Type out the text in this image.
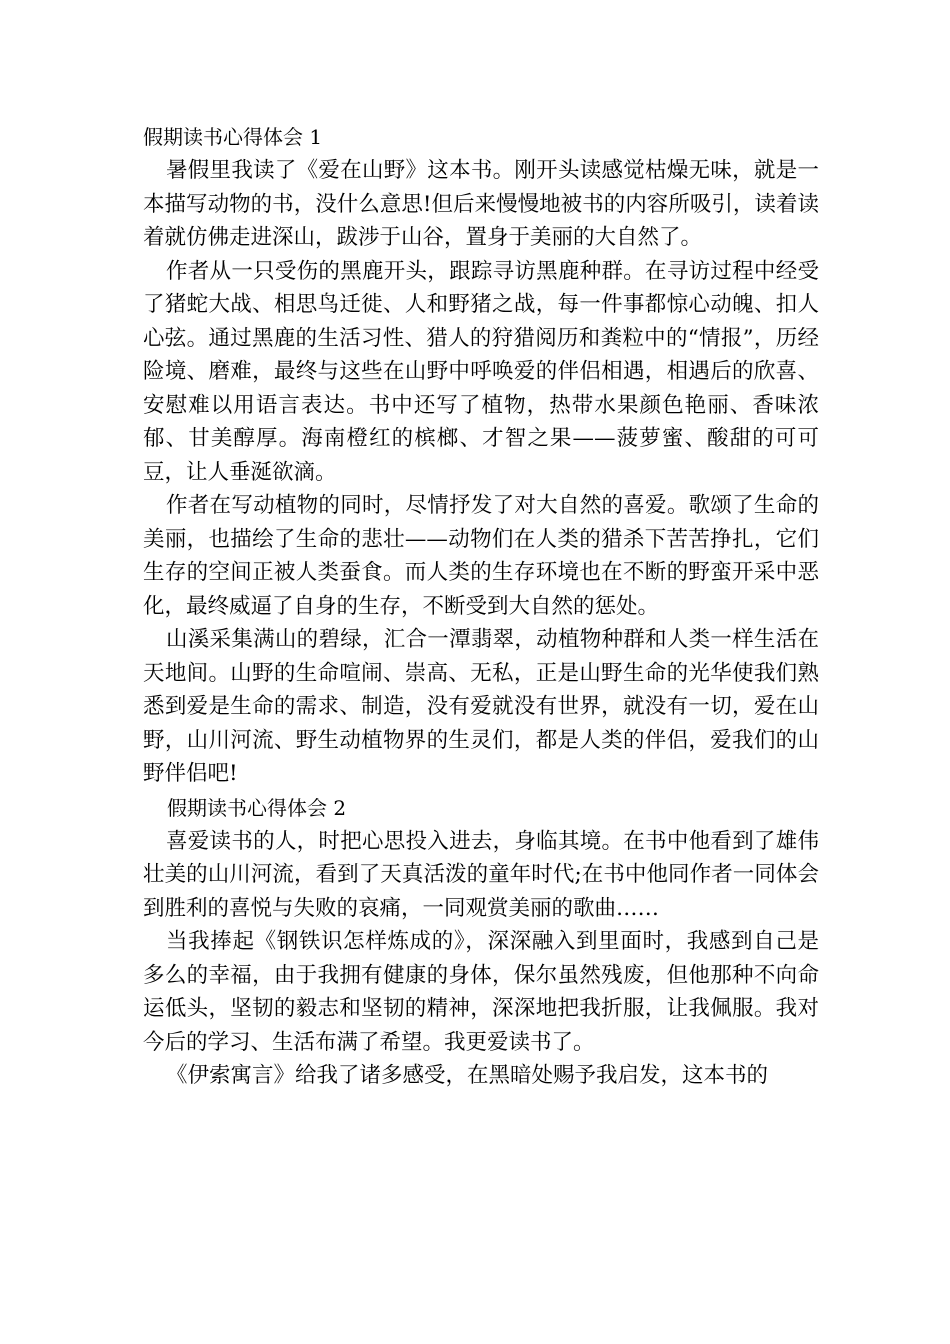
假期读书心得体会 1

暑假里我读了《爱在山野》这本书。刚开头读感觉枯燥无味，就是一本描写动物的书，没什么意思!但后来慢慢地被书的内容所吸引，读着读着就仿佛走进深山，跋涉于山谷，置身于美丽的大自然了。

作者从一只受伤的黑鹿开头，跟踪寻访黑鹿种群。在寻访过程中经受了猪蛇大战、相思鸟迁徙、人和野猪之战，每一件事都惊心动魄、扣人心弦。通过黑鹿的生活习性、猎人的狩猎阅历和粪粒中的“情报”，历经险境、磨难，最终与这些在山野中呼唤爱的伴侣相遇，相遇后的欣喜、安慰难以用语言表达。书中还写了植物，热带水果颜色艳丽、香味浓郁、甘美醇厚。海南橙红的槟榔、才智之果——菠萝蜜、酸甜的可可豆，让人垂涎欲滴。

作者在写动植物的同时，尽情抒发了对大自然的喜爱。歌颂了生命的美丽，也描绘了生命的悲壮——动物们在人类的猎杀下苦苦挣扎，它们生存的空间正被人类蚕食。而人类的生存环境也在不断的野蛮开采中恶化，最终威逼了自身的生存，不断受到大自然的惩处。

山溪采集满山的碧绿，汇合一潭翡翠，动植物种群和人类一样生活在天地间。山野的生命喧闹、崇高、无私，正是山野生命的光华使我们熟悉到爱是生命的需求、制造，没有爱就没有世界，就没有一切，爱在山野，山川河流、野生动植物界的生灵们，都是人类的伴侣，爱我们的山野伴侣吧!

假期读书心得体会 2

喜爱读书的人，时把心思投入进去，身临其境。在书中他看到了雄伟壮美的山川河流，看到了天真活泼的童年时代;在书中他同作者一同体会到胜利的喜悦与失败的哀痛，一同观赏美丽的歌曲……

当我捧起《钢铁识怎样炼成的》，深深融入到里面时，我感到自己是多么的幸福，由于我拥有健康的身体，保尔虽然残废，但他那种不向命运低头，坚韧的毅志和坚韧的精神，深深地把我折服，让我佩服。我对今后的学习、生活布满了希望。我更爱读书了。

《伊索寓言》给我了诸多感受，在黑暗处赐予我启发，这本书的
